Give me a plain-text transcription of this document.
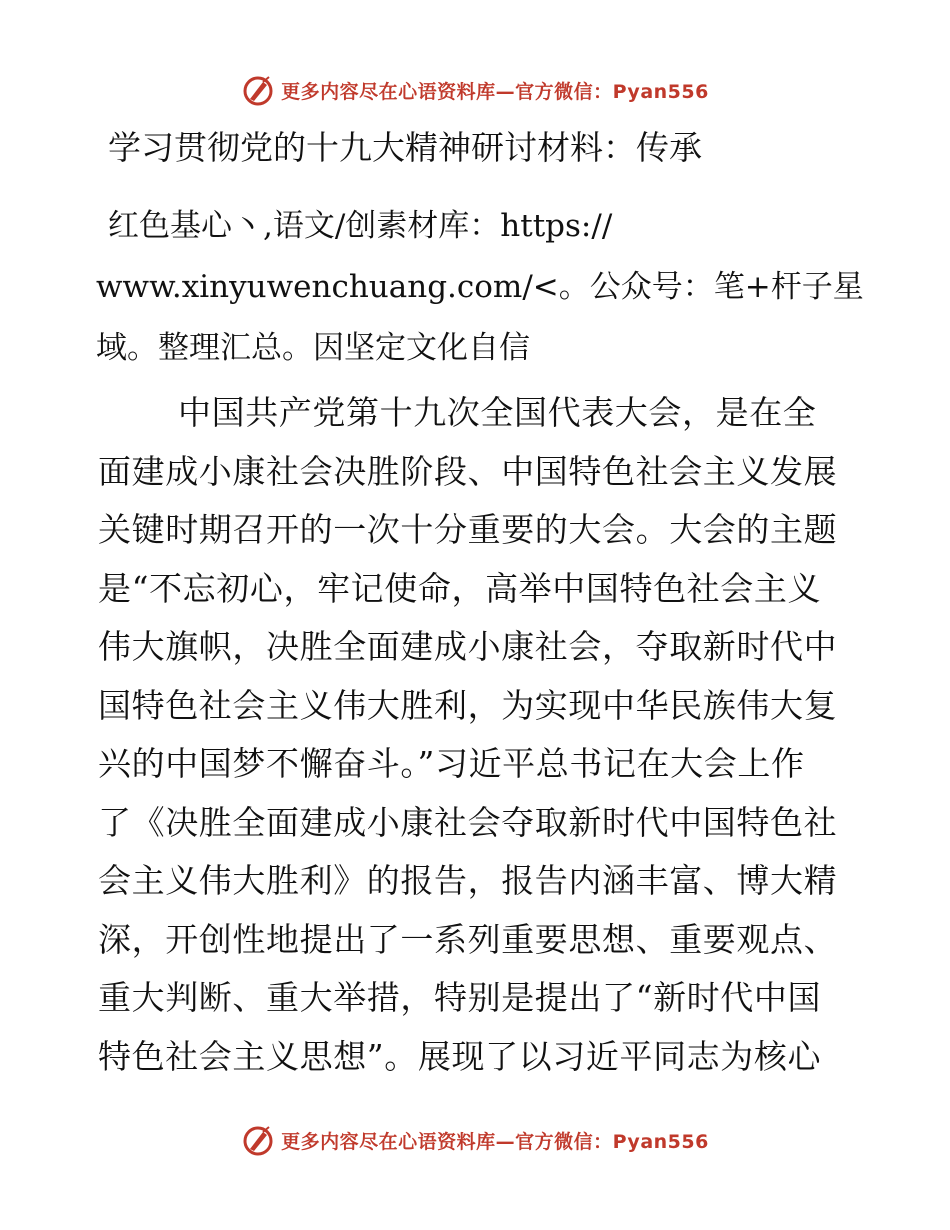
更多内容尽在心语资料库—官方微信：Pyan556
学习贯彻党的十九大精神研讨材料：传承
红色基心丶,语文/创素材库：https://
www.xinyuwenchuang.com/<。公众号：笔+杆子星
域。整理汇总。因坚定文化自信
中国共产党第十九次全国代表大会，是在全
面建成小康社会决胜阶段、中国特色社会主义发展
关键时期召开的一次十分重要的大会。大会的主题
是“不忘初心，牢记使命，高举中国特色社会主义
伟大旗帜，决胜全面建成小康社会，夺取新时代中
国特色社会主义伟大胜利，为实现中华民族伟大复
兴的中国梦不懈奋斗。”习近平总书记在大会上作
了《决胜全面建成小康社会夺取新时代中国特色社
会主义伟大胜利》的报告，报告内涵丰富、博大精
深，开创性地提出了一系列重要思想、重要观点、
重大判断、重大举措，特别是提出了“新时代中国
特色社会主义思想”。展现了以习近平同志为核心
更多内容尽在心语资料库—官方微信：Pyan556
